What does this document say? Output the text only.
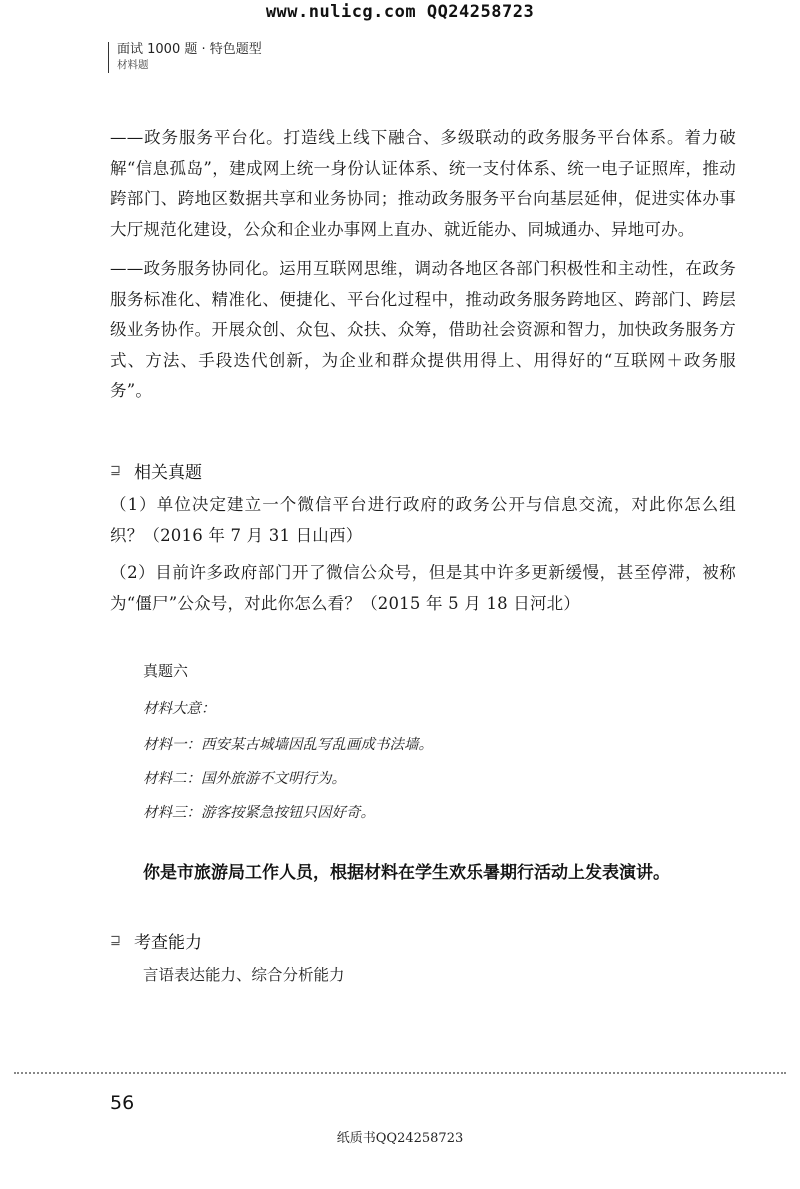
www.nulicg.com QQ24258723
面试 1000 题 · 特色题型
材料题

——政务服务平台化。打造线上线下融合、多级联动的政务服务平台体系。着力破解“信息孤岛”，建成网上统一身份认证体系、统一支付体系、统一电子证照库，推动跨部门、跨地区数据共享和业务协同；推动政务服务平台向基层延伸，促进实体办事大厅规范化建设，公众和企业办事网上直办、就近能办、同城通办、异地可办。

——政务服务协同化。运用互联网思维，调动各地区各部门积极性和主动性，在政务服务标准化、精准化、便捷化、平台化过程中，推动政务服务跨地区、跨部门、跨层级业务协作。开展众创、众包、众扶、众筹，借助社会资源和智力，加快政务服务方式、方法、手段迭代创新，为企业和群众提供用得上、用得好的“互联网＋政务服务”。

⊒ 相关真题

（1）单位决定建立一个微信平台进行政府的政务公开与信息交流，对此你怎么组织？（2016 年 7 月 31 日山西）

（2）目前许多政府部门开了微信公众号，但是其中许多更新缓慢，甚至停滞，被称为“僵尸”公众号，对此你怎么看？（2015 年 5 月 18 日河北）

真题六
材料大意：
材料一：西安某古城墙因乱写乱画成书法墙。
材料二：国外旅游不文明行为。
材料三：游客按紧急按钮只因好奇。
你是市旅游局工作人员，根据材料在学生欢乐暑期行活动上发表演讲。
⊒ 考查能力
言语表达能力、综合分析能力
56
纸质书QQ24258723
